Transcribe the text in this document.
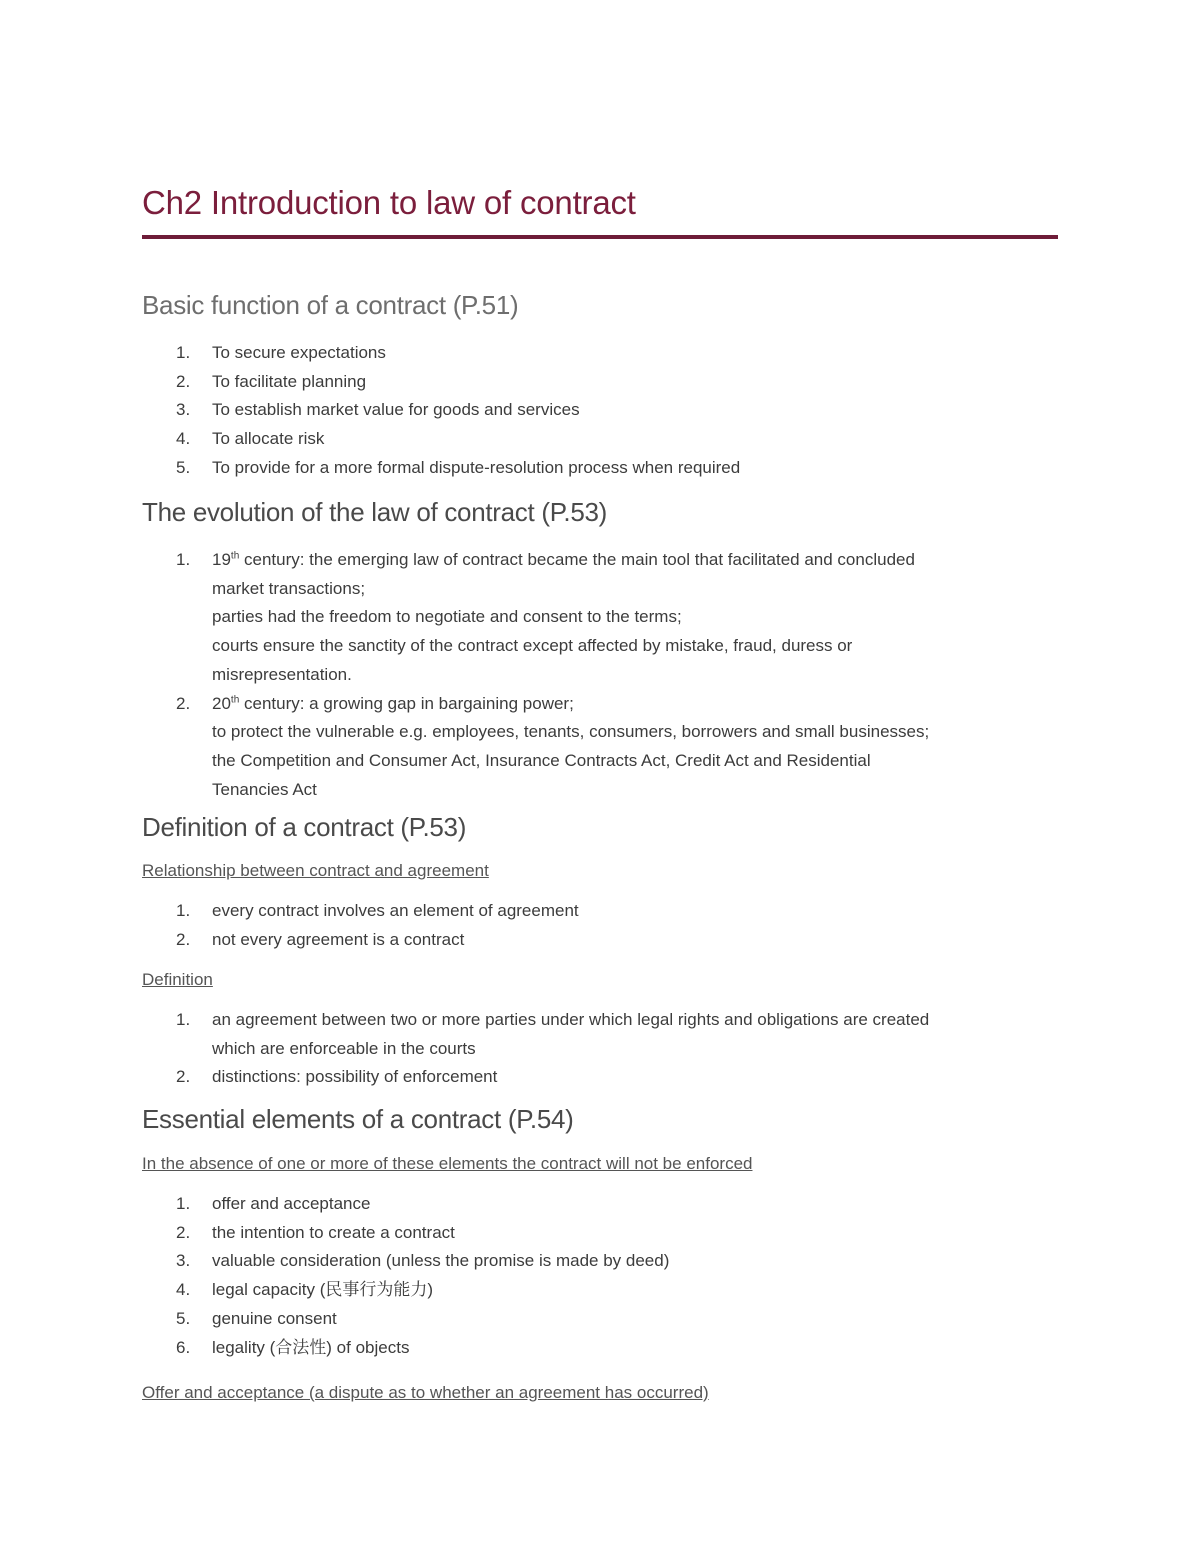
Ch2 Introduction to law of contract
Basic function of a contract (P.51)
1. To secure expectations
2. To facilitate planning
3. To establish market value for goods and services
4. To allocate risk
5. To provide for a more formal dispute-resolution process when required
The evolution of the law of contract (P.53)
1. 19th century: the emerging law of contract became the main tool that facilitated and concluded
market transactions;
parties had the freedom to negotiate and consent to the terms;
courts ensure the sanctity of the contract except affected by mistake, fraud, duress or
misrepresentation.
2. 20th century: a growing gap in bargaining power;
to protect the vulnerable e.g. employees, tenants, consumers, borrowers and small businesses;
the Competition and Consumer Act, Insurance Contracts Act, Credit Act and Residential
Tenancies Act
Definition of a contract (P.53)

Relationship between contract and agreement

1. every contract involves an element of agreement
2. not every agreement is a contract

Definition

1. an agreement between two or more parties under which legal rights and obligations are created
which are enforceable in the courts
2. distinctions: possibility of enforcement
Essential elements of a contract (P.54)

In the absence of one or more of these elements the contract will not be enforced

1. offer and acceptance
2. the intention to create a contract
3. valuable consideration (unless the promise is made by deed)
4. legal capacity (民事行为能力)
5. genuine consent
6. legality (合法性) of objects

Offer and acceptance (a dispute as to whether an agreement has occurred)
